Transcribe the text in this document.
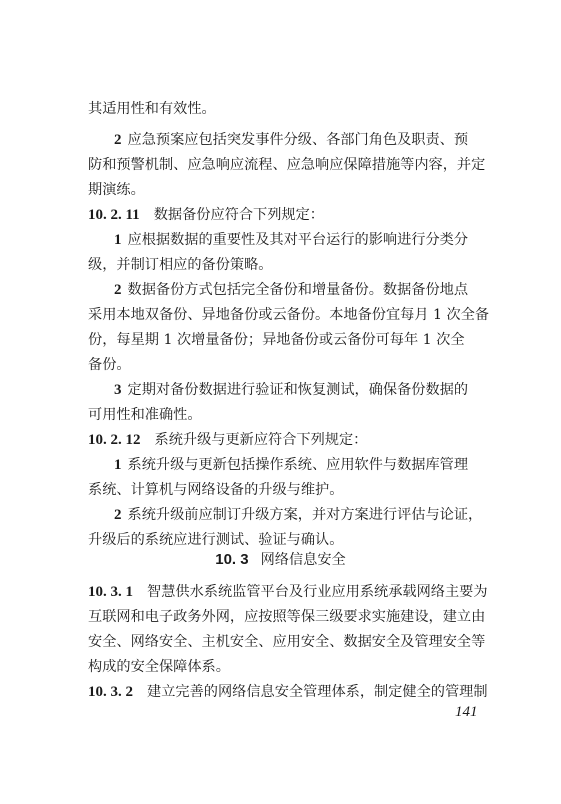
其适用性和有效性。
2 应急预案应包括突发事件分级、各部门角色及职责、预
防和预警机制、应急响应流程、应急响应保障措施等内容，并定
期演练。
10. 2. 11 数据备份应符合下列规定：
1 应根据数据的重要性及其对平台运行的影响进行分类分
级，并制订相应的备份策略。
2 数据备份方式包括完全备份和增量备份。数据备份地点
采用本地双备份、异地备份或云备份。本地备份宜每月 1 次全备
份，每星期 1 次增量备份；异地备份或云备份可每年 1 次全
备份。
3 定期对备份数据进行验证和恢复测试，确保备份数据的
可用性和准确性。
10. 2. 12 系统升级与更新应符合下列规定：
1 系统升级与更新包括操作系统、应用软件与数据库管理
系统、计算机与网络设备的升级与维护。
2 系统升级前应制订升级方案，并对方案进行评估与论证，
升级后的系统应进行测试、验证与确认。
10. 3 网络信息安全
10. 3. 1 智慧供水系统监管平台及行业应用系统承载网络主要为
互联网和电子政务外网，应按照等保三级要求实施建设，建立由
安全、网络安全、主机安全、应用安全、数据安全及管理安全等
构成的安全保障体系。
10. 3. 2 建立完善的网络信息安全管理体系，制定健全的管理制
141
